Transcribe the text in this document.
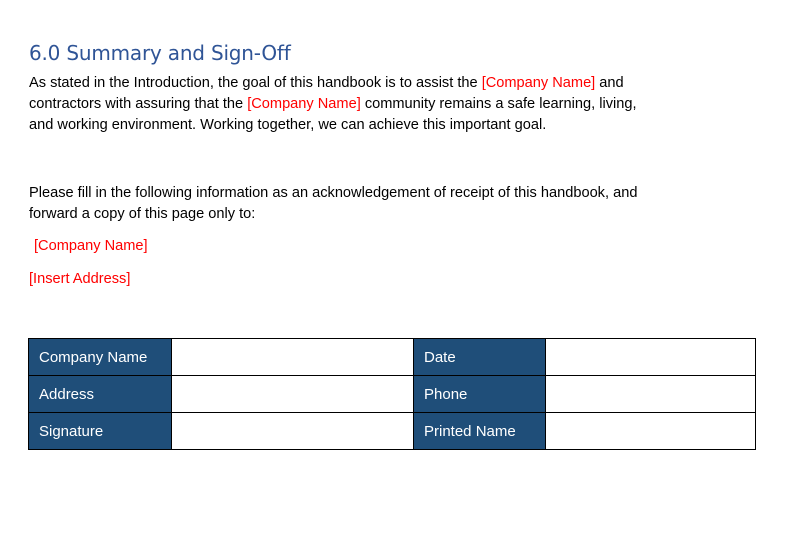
6.0 Summary and Sign-Off
As stated in the Introduction, the goal of this handbook is to assist the [Company Name] and
contractors with assuring that the [Company Name] community remains a safe learning, living,
and working environment. Working together, we can achieve this important goal.
Please fill in the following information as an acknowledgement of receipt of this handbook, and
forward a copy of this page only to:
[Company Name]
[Insert Address]
Company Name		Date	
Address		Phone	
Signature		Printed Name	
